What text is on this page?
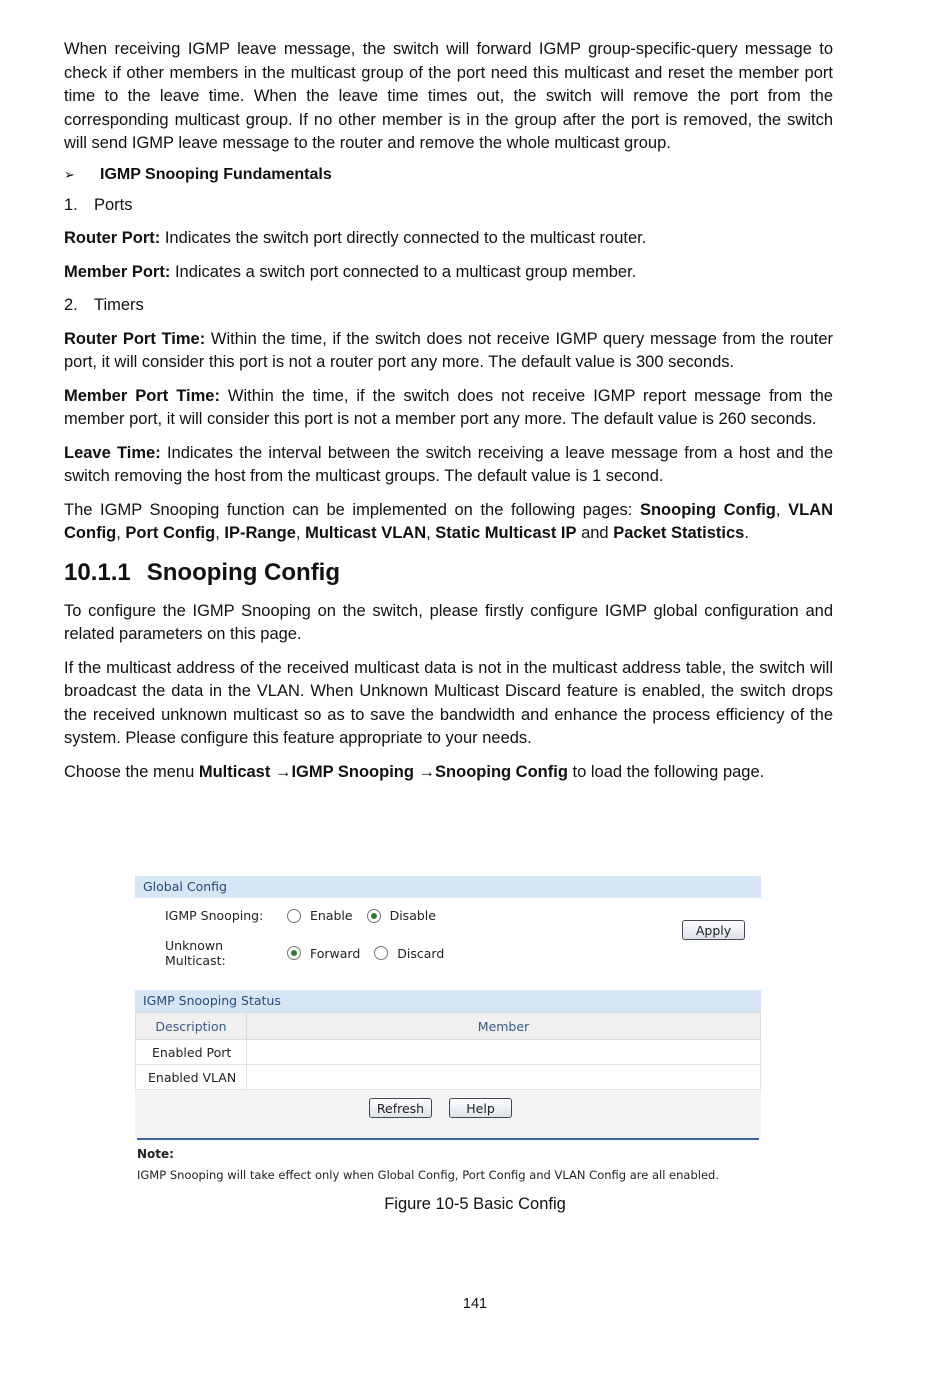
When receiving IGMP leave message, the switch will forward IGMP group-specific-query message to check if other members in the multicast group of the port need this multicast and reset the member port time to the leave time. When the leave time times out, the switch will remove the port from the corresponding multicast group. If no other member is in the group after the port is removed, the switch will send IGMP leave message to the router and remove the whole multicast group.

➢	IGMP Snooping Fundamentals
1. Ports

Router Port: Indicates the switch port directly connected to the multicast router.

Member Port: Indicates a switch port connected to a multicast group member.

2. Timers

Router Port Time: Within the time, if the switch does not receive IGMP query message from the router port, it will consider this port is not a router port any more. The default value is 300 seconds.

Member Port Time: Within the time, if the switch does not receive IGMP report message from the member port, it will consider this port is not a member port any more. The default value is 260 seconds.

Leave Time: Indicates the interval between the switch receiving a leave message from a host and the switch removing the host from the multicast groups. The default value is 1 second.

The IGMP Snooping function can be implemented on the following pages: Snooping Config, VLAN Config, Port Config, IP-Range, Multicast VLAN, Static Multicast IP and Packet Statistics.

10.1.1 Snooping Config

To configure the IGMP Snooping on the switch, please firstly configure IGMP global configuration and related parameters on this page.

If the multicast address of the received multicast data is not in the multicast address table, the switch will broadcast the data in the VLAN. When Unknown Multicast Discard feature is enabled, the switch drops the received unknown multicast so as to save the bandwidth and enhance the process efficiency of the system. Please configure this feature appropriate to your needs.

Choose the menu Multicast →IGMP Snooping →Snooping Config to load the following page.

Global Config
IGMP Snooping:	Enable	Disable
Unknown Multicast:	Forward	Discard
Apply
IGMP Snooping Status
Description	Member
Enabled Port	
Enabled VLAN	
Refresh	Help
Note:
IGMP Snooping will take effect only when Global Config, Port Config and VLAN Config are all enabled.
Figure 10-5 Basic Config
141
